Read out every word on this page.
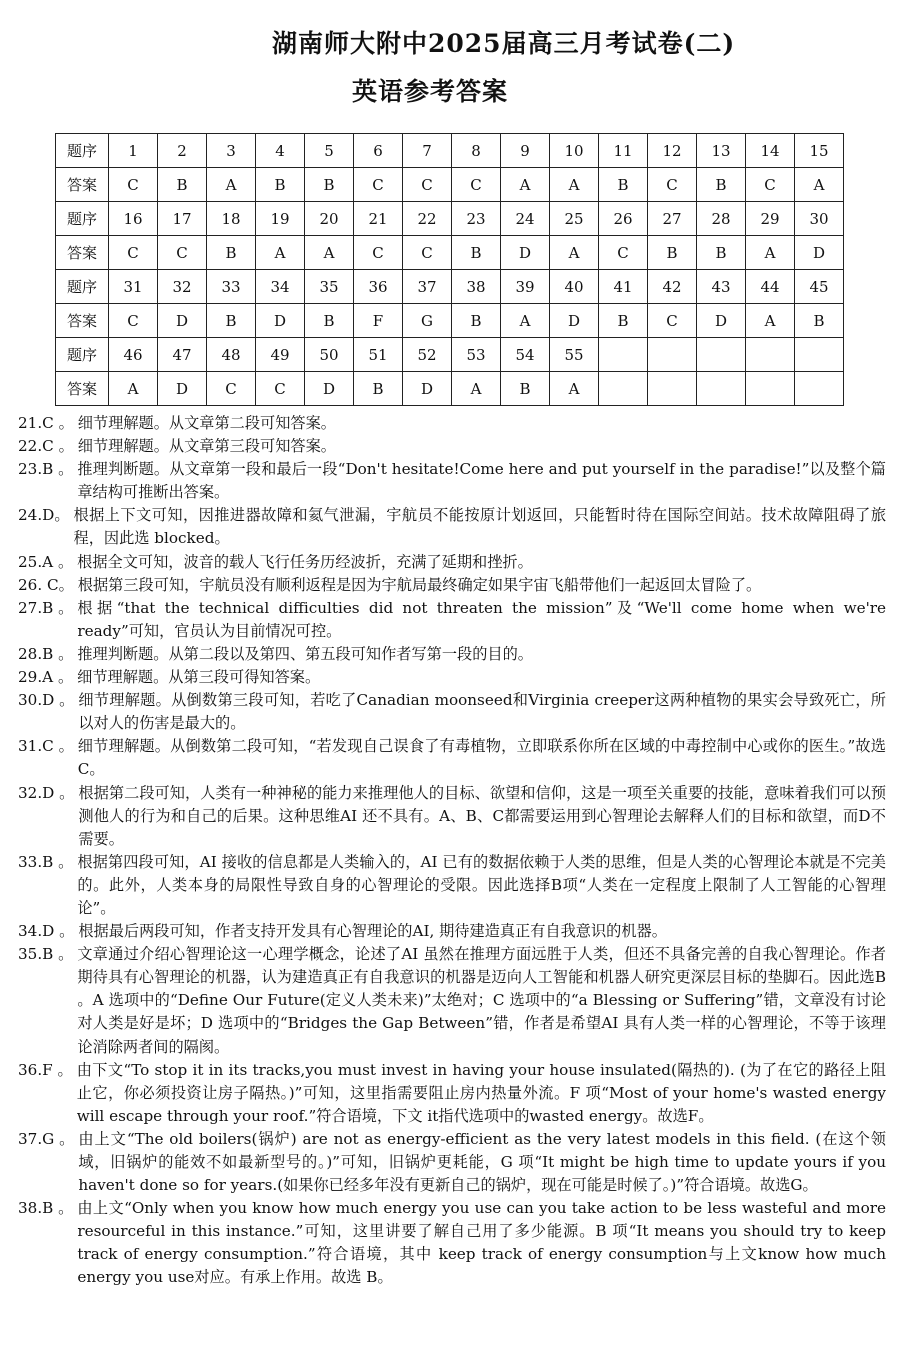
湖南师大附中2025届高三月考试卷(二)
英语参考答案
题序	1	2	3	4	5	6	7	8	9	10	11	12	13	14	15
答案	C	B	A	B	B	C	C	C	A	A	B	C	B	C	A
题序	16	17	18	19	20	21	22	23	24	25	26	27	28	29	30
答案	C	C	B	A	A	C	C	B	D	A	C	B	B	A	D
题序	31	32	33	34	35	36	37	38	39	40	41	42	43	44	45
答案	C	D	B	D	B	F	G	B	A	D	B	C	D	A	B
题序	46	47	48	49	50	51	52	53	54	55					
答案	A	D	C	C	D	B	D	A	B	A					
21.C 。 细节理解题。从文章第二段可知答案。
22.C 。 细节理解题。从文章第三段可知答案。
23.B 。 推理判断题。从文章第一段和最后一段“Don't hesitate!Come here and put yourself in the paradise!”以及整个篇章结构可推断出答案。
24.D。 根据上下文可知，因推进器故障和氦气泄漏，宇航员不能按原计划返回，只能暂时待在国际空间站。技术故障阻碍了旅程，因此选 blocked。
25.A 。 根据全文可知，波音的载人飞行任务历经波折，充满了延期和挫折。
26. C。 根据第三段可知，宇航员没有顺利返程是因为宇航局最终确定如果宇宙飞船带他们一起返回太冒险了。
27.B 。 根据“that the technical difficulties did not threaten the mission”及“We'll come home when we're ready”可知，官员认为目前情况可控。
28.B 。 推理判断题。从第二段以及第四、第五段可知作者写第一段的目的。
29.A 。 细节理解题。从第三段可得知答案。
30.D 。 细节理解题。从倒数第三段可知，若吃了Canadian moonseed和Virginia creeper这两种植物的果实会导致死亡，所以对人的伤害是最大的。
31.C 。 细节理解题。从倒数第二段可知，“若发现自己误食了有毒植物，立即联系你所在区域的中毒控制中心或你的医生。”故选C。
32.D 。 根据第二段可知，人类有一种神秘的能力来推理他人的目标、欲望和信仰，这是一项至关重要的技能，意味着我们可以预测他人的行为和自己的后果。这种思维AI 还不具有。A、B、C都需要运用到心智理论去解释人们的目标和欲望，而D不需要。
33.B 。 根据第四段可知，AI 接收的信息都是人类输入的，AI 已有的数据依赖于人类的思维，但是人类的心智理论本就是不完美的。此外，人类本身的局限性导致自身的心智理论的受限。因此选择B项“人类在一定程度上限制了人工智能的心智理论”。
34.D 。 根据最后两段可知，作者支持开发具有心智理论的AI, 期待建造真正有自我意识的机器。
35.B 。 文章通过介绍心智理论这一心理学概念，论述了AI 虽然在推理方面远胜于人类，但还不具备完善的自我心智理论。作者期待具有心智理论的机器，认为建造真正有自我意识的机器是迈向人工智能和机器人研究更深层目标的垫脚石。因此选B 。A 选项中的“Define Our Future(定义人类未来)”太绝对；C 选项中的“a Blessing or Suffering”错，文章没有讨论对人类是好是坏；D 选项中的“Bridges the Gap Between”错，作者是希望AI 具有人类一样的心智理论，不等于该理论消除两者间的隔阂。
36.F 。 由下文“To stop it in its tracks,you must invest in having your house insulated(隔热的). (为了在它的路径上阻止它，你必须投资让房子隔热。)”可知，这里指需要阻止房内热量外流。F 项“Most of your home's wasted energy will escape through your roof.”符合语境，下文 it指代选项中的wasted energy。故选F。
37.G 。 由上文“The old boilers(锅炉) are not as energy-efficient as the very latest models in this field. (在这个领域，旧锅炉的能效不如最新型号的。)”可知，旧锅炉更耗能，G 项“It might be high time to update yours if you haven't done so for years.(如果你已经多年没有更新自己的锅炉，现在可能是时候了。)”符合语境。故选G。
38.B 。 由上文“Only when you know how much energy you use can you take action to be less wasteful and more resourceful in this instance.”可知，这里讲要了解自己用了多少能源。B 项“It means you should try to keep track of energy consumption.”符合语境，其中 keep track of energy consumption与上文know how much energy you use对应。有承上作用。故选 B。
